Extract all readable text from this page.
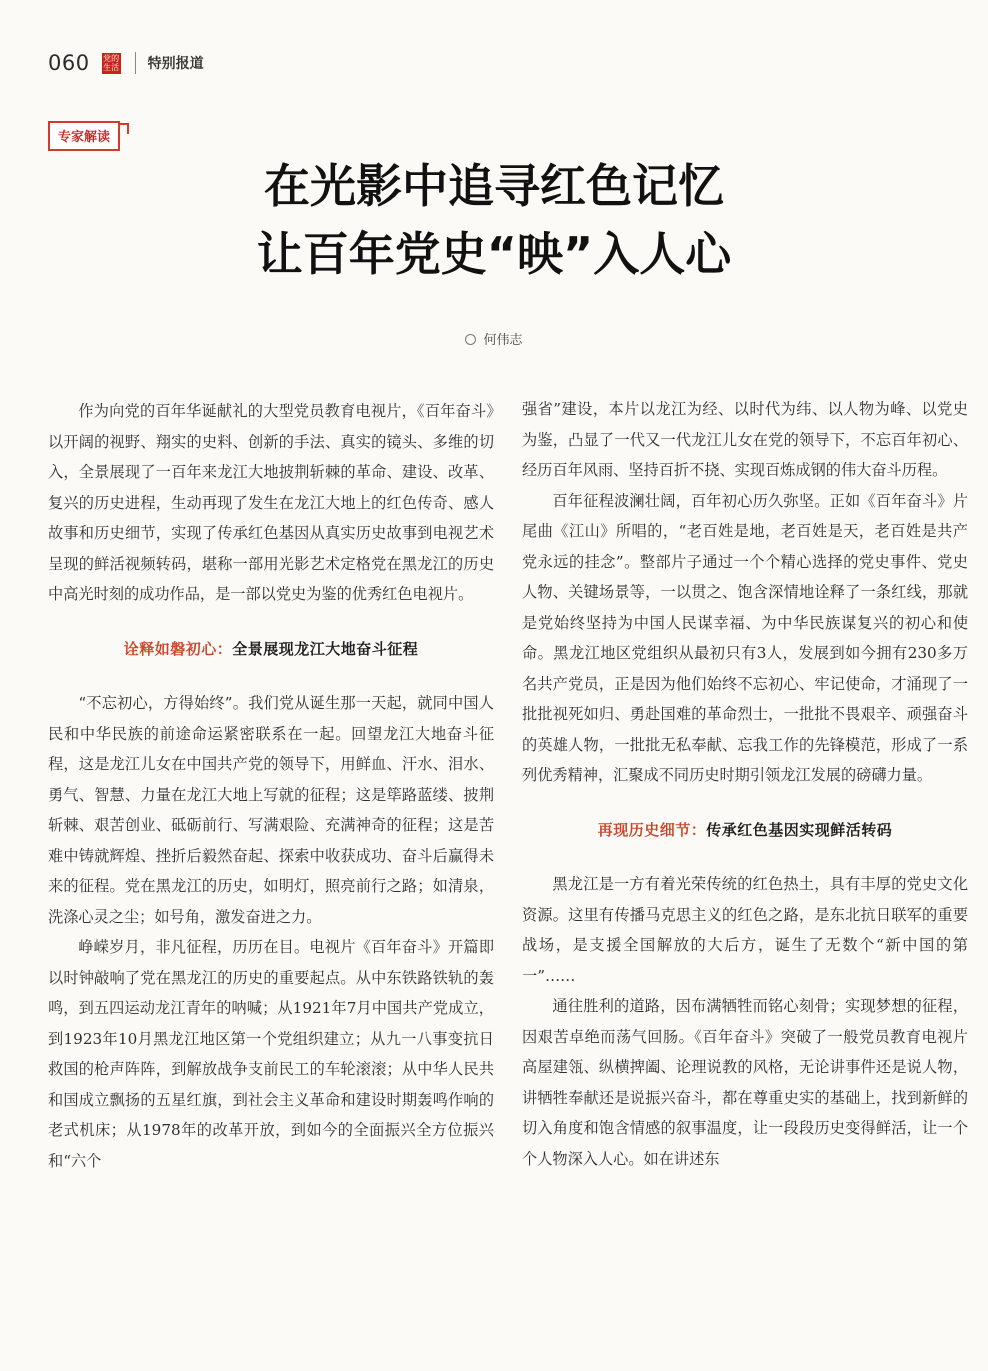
060 党的生活 特别报道
专家解读
在光影中追寻红色记忆
让百年党史“映”入人心
何伟志

作为向党的百年华诞献礼的大型党员教育电视片，《百年奋斗》以开阔的视野、翔实的史料、创新的手法、真实的镜头、多维的切入，全景展现了一百年来龙江大地披荆斩棘的革命、建设、改革、复兴的历史进程，生动再现了发生在龙江大地上的红色传奇、感人故事和历史细节，实现了传承红色基因从真实历史故事到电视艺术呈现的鲜活视频转码，堪称一部用光影艺术定格党在黑龙江的历史中高光时刻的成功作品，是一部以党史为鉴的优秀红色电视片。

诠释如磐初心：全景展现龙江大地奋斗征程

“不忘初心，方得始终”。我们党从诞生那一天起，就同中国人民和中华民族的前途命运紧密联系在一起。回望龙江大地奋斗征程，这是龙江儿女在中国共产党的领导下，用鲜血、汗水、泪水、勇气、智慧、力量在龙江大地上写就的征程；这是筚路蓝缕、披荆斩棘、艰苦创业、砥砺前行、写满艰险、充满神奇的征程；这是苦难中铸就辉煌、挫折后毅然奋起、探索中收获成功、奋斗后赢得未来的征程。党在黑龙江的历史，如明灯，照亮前行之路；如清泉，洗涤心灵之尘；如号角，激发奋进之力。

峥嵘岁月，非凡征程，历历在目。电视片《百年奋斗》开篇即以时钟敲响了党在黑龙江的历史的重要起点。从中东铁路铁轨的轰鸣，到五四运动龙江青年的呐喊；从1921年7月中国共产党成立，到1923年10月黑龙江地区第一个党组织建立；从九一八事变抗日救国的枪声阵阵，到解放战争支前民工的车轮滚滚；从中华人民共和国成立飘扬的五星红旗，到社会主义革命和建设时期轰鸣作响的老式机床；从1978年的改革开放，到如今的全面振兴全方位振兴和“六个

强省”建设，本片以龙江为经、以时代为纬、以人物为峰、以党史为鉴，凸显了一代又一代龙江儿女在党的领导下，不忘百年初心、经历百年风雨、坚持百折不挠、实现百炼成钢的伟大奋斗历程。

百年征程波澜壮阔，百年初心历久弥坚。正如《百年奋斗》片尾曲《江山》所唱的，“老百姓是地，老百姓是天，老百姓是共产党永远的挂念”。整部片子通过一个个精心选择的党史事件、党史人物、关键场景等，一以贯之、饱含深情地诠释了一条红线，那就是党始终坚持为中国人民谋幸福、为中华民族谋复兴的初心和使命。黑龙江地区党组织从最初只有3人，发展到如今拥有230多万名共产党员，正是因为他们始终不忘初心、牢记使命，才涌现了一批批视死如归、勇赴国难的革命烈士，一批批不畏艰辛、顽强奋斗的英雄人物，一批批无私奉献、忘我工作的先锋模范，形成了一系列优秀精神，汇聚成不同历史时期引领龙江发展的磅礴力量。

再现历史细节：传承红色基因实现鲜活转码

黑龙江是一方有着光荣传统的红色热土，具有丰厚的党史文化资源。这里有传播马克思主义的红色之路，是东北抗日联军的重要战场，是支援全国解放的大后方，诞生了无数个“新中国的第一”……

通往胜利的道路，因布满牺牲而铭心刻骨；实现梦想的征程，因艰苦卓绝而荡气回肠。《百年奋斗》突破了一般党员教育电视片高屋建瓴、纵横捭阖、论理说教的风格，无论讲事件还是说人物，讲牺牲奉献还是说振兴奋斗，都在尊重史实的基础上，找到新鲜的切入角度和饱含情感的叙事温度，让一段段历史变得鲜活，让一个个人物深入人心。如在讲述东
